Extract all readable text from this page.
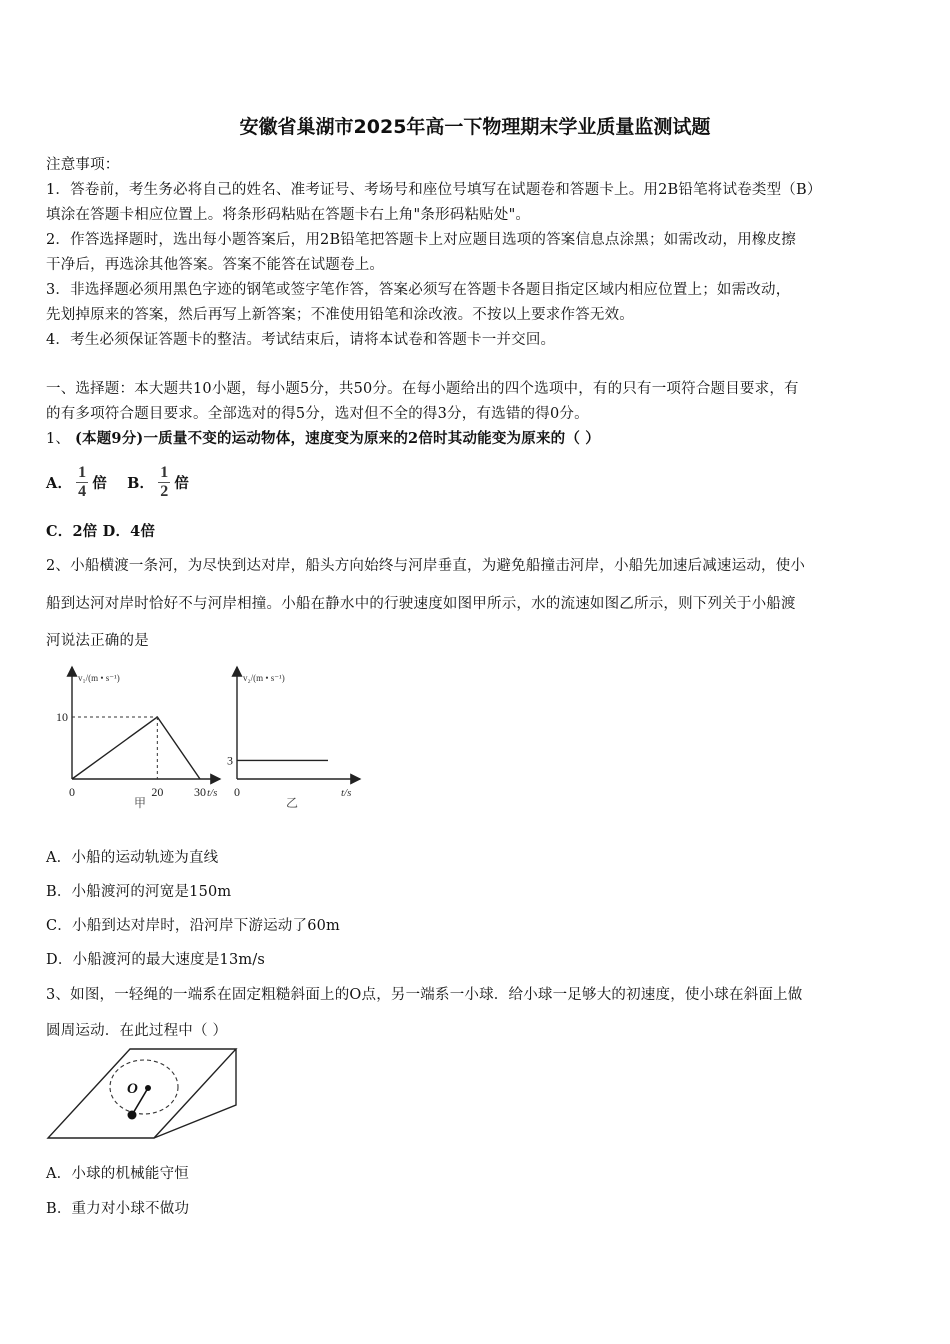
安徽省巢湖市2025年高一下物理期末学业质量监测试题
注意事项：
1．答卷前，考生务必将自己的姓名、准考证号、考场号和座位号填写在试题卷和答题卡上。用2B铅笔将试卷类型（B）
填涂在答题卡相应位置上。将条形码粘贴在答题卡右上角"条形码粘贴处"。
2．作答选择题时，选出每小题答案后，用2B铅笔把答题卡上对应题目选项的答案信息点涂黑；如需改动，用橡皮擦
干净后，再选涂其他答案。答案不能答在试题卷上。
3．非选择题必须用黑色字迹的钢笔或签字笔作答，答案必须写在答题卡各题目指定区域内相应位置上；如需改动，
先划掉原来的答案，然后再写上新答案；不准使用铅笔和涂改液。不按以上要求作答无效。
4．考生必须保证答题卡的整洁。考试结束后，请将本试卷和答题卡一并交回。
一、选择题：本大题共10小题，每小题5分，共50分。在每小题给出的四个选项中，有的只有一项符合题目要求，有
的有多项符合题目要求。全部选对的得5分，选对但不全的得3分，有选错的得0分。
1、 (本题9分)一质量不变的运动物体，速度变为原来的2倍时其动能变为原来的（ ）
A． $\frac{1}{4}$ 倍 B． $\frac{1}{2}$ 倍
C．2倍 D．4倍
2、小船横渡一条河，为尽快到达对岸，船头方向始终与河岸垂直，为避免船撞击河岸，小船先加速后减速运动，使小
船到达河对岸时恰好不与河岸相撞。小船在静水中的行驶速度如图甲所示，水的流速如图乙所示，则下列关于小船渡
河说法正确的是
v₁/(m • s⁻¹)
t/s
0	20	30
10
甲
v₂/(m • s⁻¹)
t/s
0
3
乙
A．小船的运动轨迹为直线
B．小船渡河的河宽是150m
C．小船到达对岸时，沿河岸下游运动了60m
D．小船渡河的最大速度是13m/s
3、如图，一轻绳的一端系在固定粗糙斜面上的O点，另一端系一小球．给小球一足够大的初速度，使小球在斜面上做
圆周运动．在此过程中（ ）
O
A．小球的机械能守恒
B．重力对小球不做功
